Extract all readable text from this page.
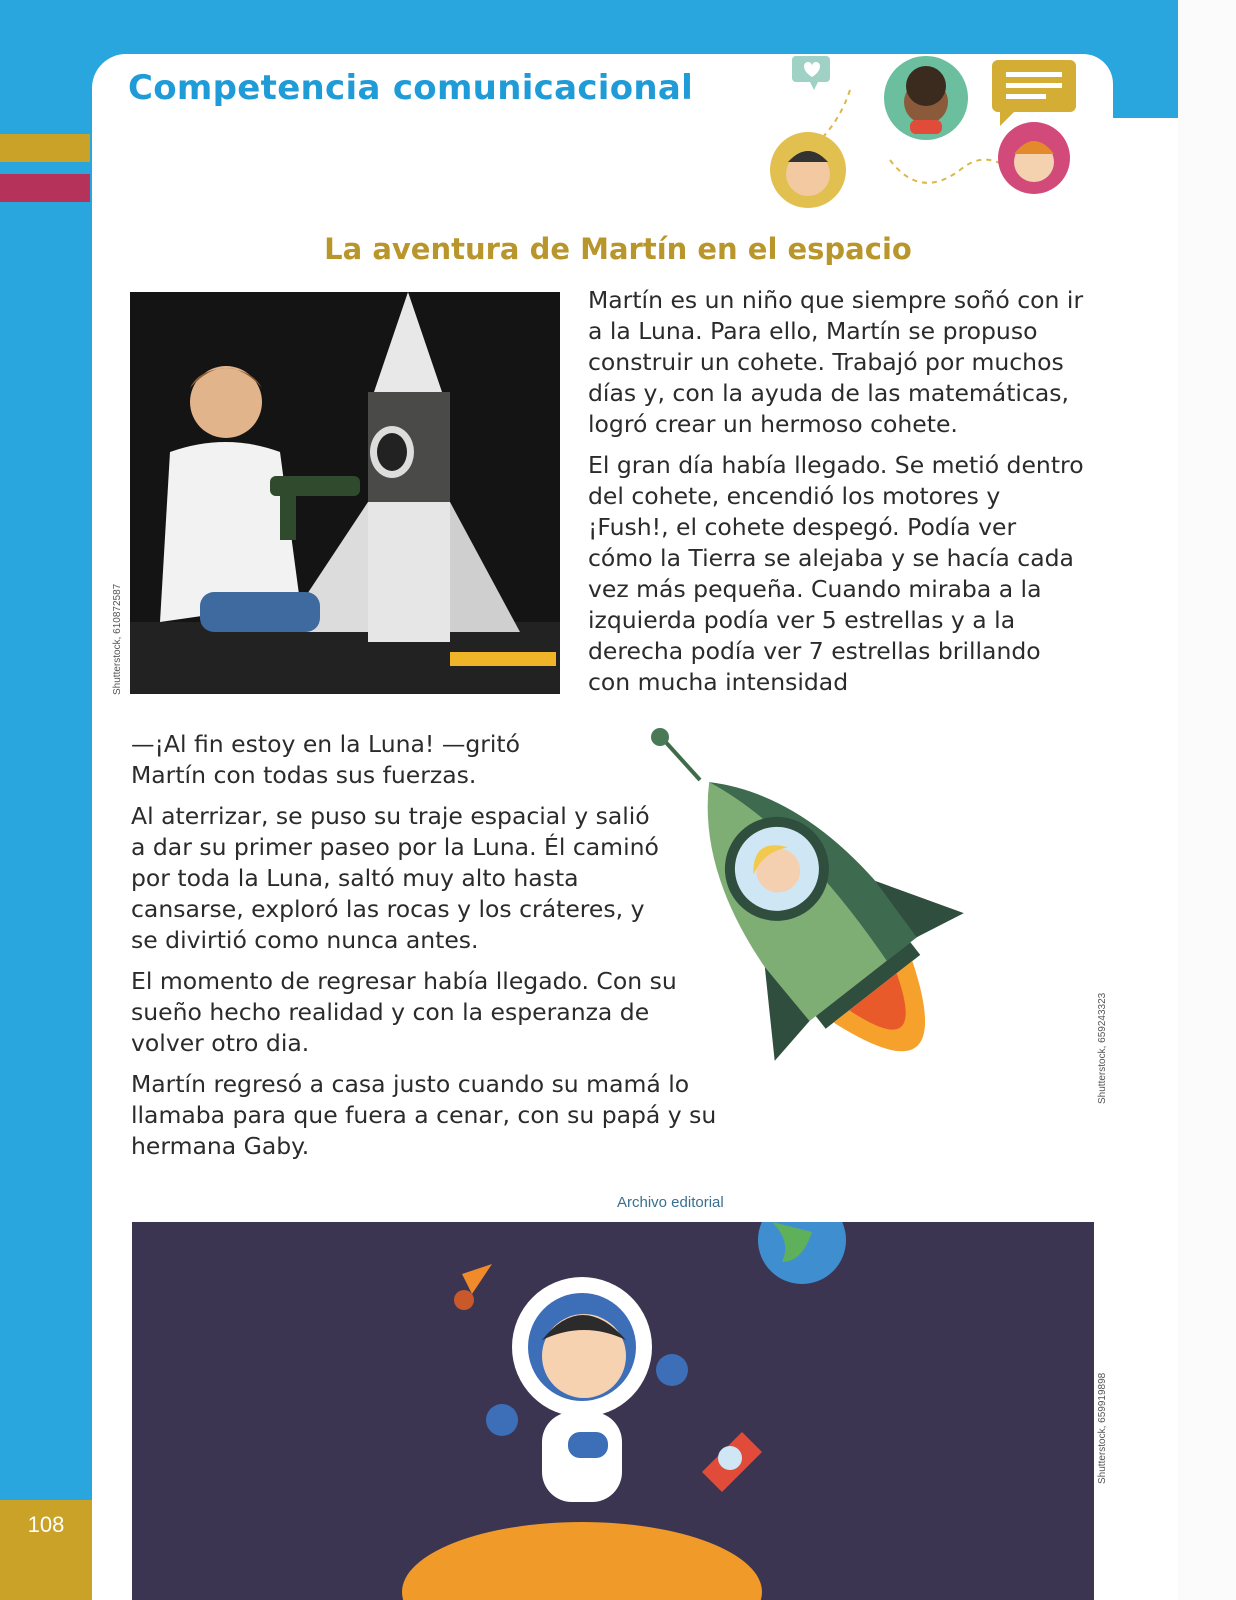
Competencia comunicacional
La aventura de Martín en el espacio
Shutterstock, 610872587

Martín es un niño que siempre soñó con ir a la Luna. Para ello, Martín se propuso construir un cohete. Trabajó por muchos días y, con la ayuda de las matemáticas, logró crear un hermoso cohete.

El gran día había llegado. Se metió dentro del cohete, encendió los motores y ¡Fush!, el cohete despegó. Podía ver cómo la Tierra se alejaba y se hacía cada vez más pequeña. Cuando miraba a la izquierda podía ver 5 estrellas y a la derecha podía ver 7 estrellas brillando con mucha intensidad

—¡Al fin estoy en la Luna! —gritó Martín con todas sus fuerzas.

Al aterrizar, se puso su traje espacial y salió a dar su primer paseo por la Luna. Él caminó por toda la Luna, saltó muy alto hasta cansarse, exploró las rocas y los cráteres, y se divirtió como nunca antes.

El momento de regresar había llegado. Con su sueño hecho realidad y con la esperanza de volver otro dia.

Martín regresó a casa justo cuando su mamá lo llamaba para que fuera a cenar, con su papá y su hermana Gaby.

Shutterstock, 659243323
Archivo editorial
Shutterstock, 659919898
108
